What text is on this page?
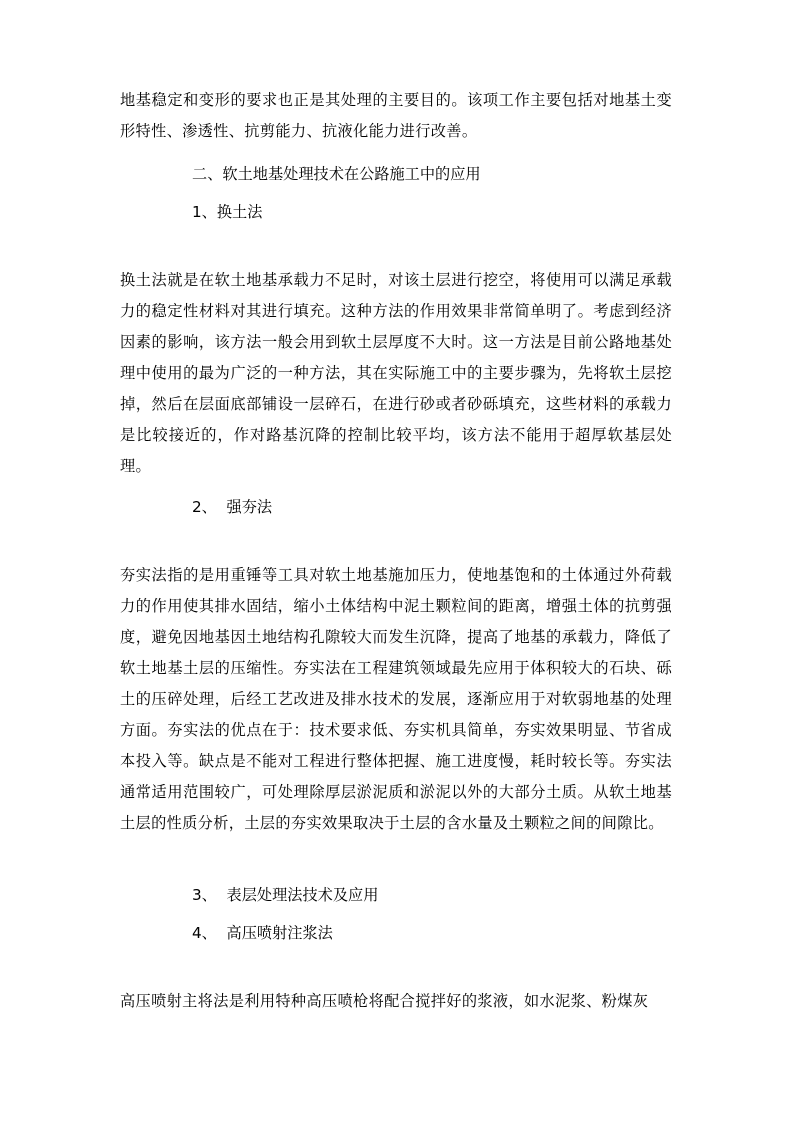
地基稳定和变形的要求也正是其处理的主要目的。该项工作主要包括对地基土变形特性、渗透性、抗剪能力、抗液化能力进行改善。

二、软土地基处理技术在公路施工中的应用

1、换土法

换土法就是在软土地基承载力不足时，对该土层进行挖空，将使用可以满足承载力的稳定性材料对其进行填充。这种方法的作用效果非常简单明了。考虑到经济因素的影响，该方法一般会用到软土层厚度不大时。这一方法是目前公路地基处理中使用的最为广泛的一种方法，其在实际施工中的主要步骤为，先将软土层挖掉，然后在层面底部铺设一层碎石，在进行砂或者砂砾填充，这些材料的承载力是比较接近的，作对路基沉降的控制比较平均，该方法不能用于超厚软基层处理。

2、  强夯法

夯实法指的是用重锤等工具对软土地基施加压力，使地基饱和的土体通过外荷载力的作用使其排水固结，缩小土体结构中泥土颗粒间的距离，增强土体的抗剪强度，避免因地基因土地结构孔隙较大而发生沉降，提高了地基的承载力，降低了软土地基土层的压缩性。夯实法在工程建筑领域最先应用于体积较大的石块、砾土的压碎处理，后经工艺改进及排水技术的发展，逐渐应用于对软弱地基的处理方面。夯实法的优点在于：技术要求低、夯实机具简单，夯实效果明显、节省成本投入等。缺点是不能对工程进行整体把握、施工进度慢，耗时较长等。夯实法通常适用范围较广，可处理除厚层淤泥质和淤泥以外的大部分土质。从软土地基土层的性质分析，土层的夯实效果取决于土层的含水量及土颗粒之间的间隙比。

3、  表层处理法技术及应用

4、  高压喷射注浆法

高压喷射主将法是利用特种高压喷枪将配合搅拌好的浆液，如水泥浆、粉煤灰
